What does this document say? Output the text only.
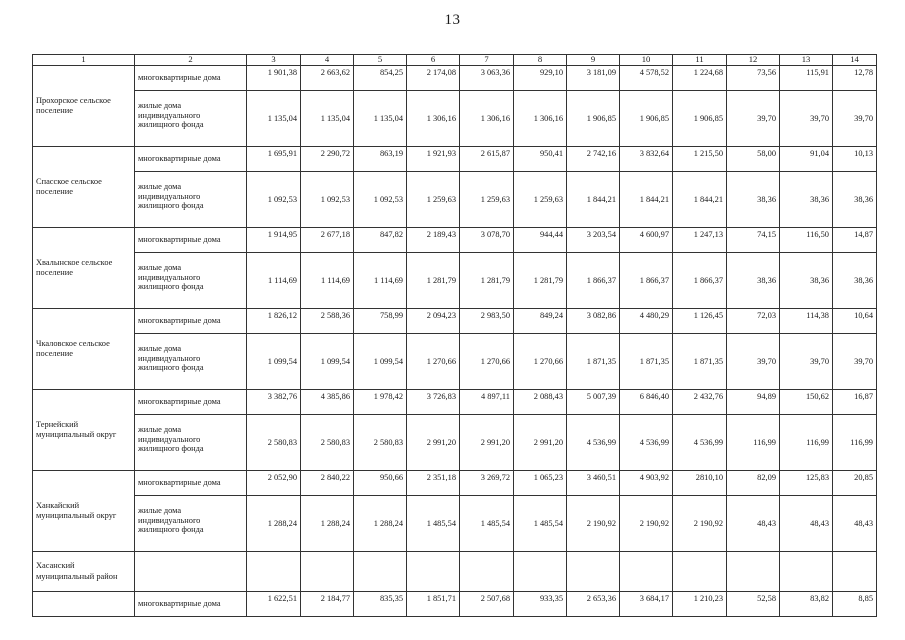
13
1	2	3	4	5	6	7	8	9	10	11	12	13	14
Прохорское сельское поселение	многоквартирные дома	1 901,38	2 663,62	854,25	2 174,08	3 063,36	929,10	3 181,09	4 578,52	1 224,68	73,56	115,91	12,78
	жилые дома индивидуального жилищного фонда	1 135,04	1 135,04	1 135,04	1 306,16	1 306,16	1 306,16	1 906,85	1 906,85	1 906,85	39,70	39,70	39,70
Спасское сельское поселение	многоквартирные дома	1 695,91	2 290,72	863,19	1 921,93	2 615,87	950,41	2 742,16	3 832,64	1 215,50	58,00	91,04	10,13
	жилые дома индивидуального жилищного фонда	1 092,53	1 092,53	1 092,53	1 259,63	1 259,63	1 259,63	1 844,21	1 844,21	1 844,21	38,36	38,36	38,36
Хвалынское сельское поселение	многоквартирные дома	1 914,95	2 677,18	847,82	2 189,43	3 078,70	944,44	3 203,54	4 600,97	1 247,13	74,15	116,50	14,87
	жилые дома индивидуального жилищного фонда	1 114,69	1 114,69	1 114,69	1 281,79	1 281,79	1 281,79	1 866,37	1 866,37	1 866,37	38,36	38,36	38,36
Чкаловское сельское поселение	многоквартирные дома	1 826,12	2 588,36	758,99	2 094,23	2 983,50	849,24	3 082,86	4 480,29	1 126,45	72,03	114,38	10,64
	жилые дома индивидуального жилищного фонда	1 099,54	1 099,54	1 099,54	1 270,66	1 270,66	1 270,66	1 871,35	1 871,35	1 871,35	39,70	39,70	39,70
Тернейский муниципальный округ	многоквартирные дома	3 382,76	4 385,86	1 978,42	3 726,83	4 897,11	2 088,43	5 007,39	6 846,40	2 432,76	94,89	150,62	16,87
	жилые дома индивидуального жилищного фонда	2 580,83	2 580,83	2 580,83	2 991,20	2 991,20	2 991,20	4 536,99	4 536,99	4 536,99	116,99	116,99	116,99
Ханкайский муниципальный округ	многоквартирные дома	2 052,90	2 840,22	950,66	2 351,18	3 269,72	1 065,23	3 460,51	4 903,92	2810,10	82,09	125,83	20,85
	жилые дома индивидуального жилищного фонда	1 288,24	1 288,24	1 288,24	1 485,54	1 485,54	1 485,54	2 190,92	2 190,92	2 190,92	48,43	48,43	48,43
Хасанский муниципальный район													
	многоквартирные дома	1 622,51	2 184,77	835,35	1 851,71	2 507,68	933,35	2 653,36	3 684,17	1 210,23	52,58	83,82	8,85
